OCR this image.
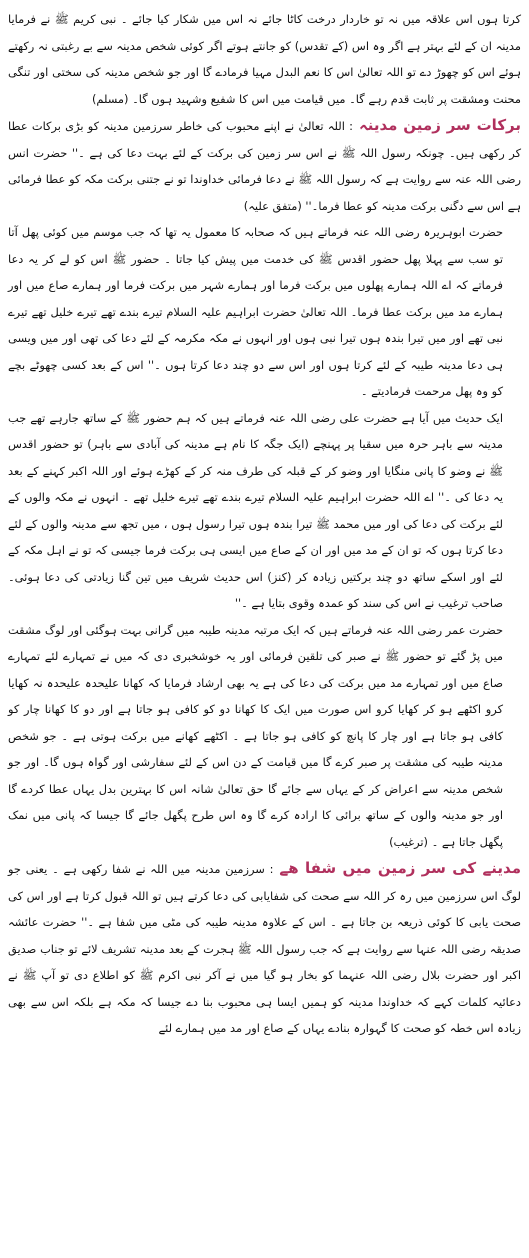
کرتا ہوں اس علاقہ میں نہ تو خاردار درخت کاٹا جائے نہ اس میں شکار کیا جائے ۔ نبی کریم ﷺ نے فرمایا مدینہ ان کے لئے بہتر ہے اگر وہ اس (کے تقدس) کو جانتے ہوتے اگر کوئی شخص مدینہ سے بے رغبتی نہ رکھتے ہوئے اس کو چھوڑ دے تو اللہ تعالیٰ اس کا نعم البدل مہیا فرمادے گا اور جو شخص مدینہ کی سختی اور تنگی محنت ومشقت پر ثابت قدم رہے گا۔ میں قیامت میں اس کا شفیع وشہید ہوں گا۔ (مسلم)

برکات سر زمین مدینہ: اللہ تعالیٰ نے اپنے محبوب کی خاطر سرزمین مدینہ کو بڑی برکات عطا کر رکھی ہیں۔ چونکہ رسول اللہ ﷺ نے اس سر زمین کی برکت کے لئے بہت دعا کی ہے ۔'' حضرت انس رضی اللہ عنہ سے روایت ہے کہ رسول اللہ ﷺ نے دعا فرمائی خداوندا تو نے جتنی برکت مکہ کو عطا فرمائی ہے اس سے دگنی برکت مدینہ کو عطا فرما۔'' (متفق علیہ)

حضرت ابوہریرہ رضی اللہ عنہ فرماتے ہیں کہ صحابہ کا معمول یہ تھا کہ جب موسم میں کوئی پھل آتا تو سب سے پہلا پھل حضور اقدس ﷺ کی خدمت میں پیش کیا جاتا ۔ حضور ﷺ اس کو لے کر یہ دعا فرماتے کہ اے اللہ ہمارے پھلوں میں برکت فرما اور ہمارے شہر میں برکت فرما اور ہمارے صاع میں اور ہمارے مد میں برکت عطا فرما۔ اللہ تعالیٰ حضرت ابراہیم علیہ السلام تیرے بندے تھے تیرے خلیل تھے تیرے نبی تھے اور میں تیرا بندہ ہوں تیرا نبی ہوں اور انہوں نے مکہ مکرمہ کے لئے دعا کی تھی اور میں ویسی ہی دعا مدینہ طیبہ کے لئے کرتا ہوں اور اس سے دو چند دعا کرتا ہوں ۔'' اس کے بعد کسی چھوٹے بچے کو وہ پھل مرحمت فرمادیتے ۔

ایک حدیث میں آیا ہے حضرت علی رضی اللہ عنہ فرماتے ہیں کہ ہم حضور ﷺ کے ساتھ جارہے تھے جب مدینہ سے باہر حرہ میں سقیا پر پہنچے (ایک جگہ کا نام ہے مدینہ کی آبادی سے باہر) تو حضور اقدس ﷺ نے وضو کا پانی منگایا اور وضو کر کے قبلہ کی طرف منہ کر کے کھڑے ہوئے اور اللہ اکبر کہنے کے بعد یہ دعا کی ۔'' اے اللہ حضرت ابراہیم علیہ السلام تیرے بندے تھے تیرے خلیل تھے ۔ انہوں نے مکہ والوں کے لئے برکت کی دعا کی اور میں محمد ﷺ تیرا بندہ ہوں تیرا رسول ہوں ، میں تجھ سے مدینہ والوں کے لئے دعا کرتا ہوں کہ تو ان کے مد میں اور ان کے صاع میں ایسی ہی برکت فرما جیسی کہ تو نے اہل مکہ کے لئے اور اسکے ساتھ دو چند برکتیں زیادہ کر (کنز) اس حدیث شریف میں تین گنا زیادتی کی دعا ہوئی۔ صاحب ترغیب نے اس کی سند کو عمدہ وقوی بتایا ہے ۔''

حضرت عمر رضی اللہ عنہ فرماتے ہیں کہ ایک مرتبہ مدینہ طیبہ میں گرانی بہت ہوگئی اور لوگ مشقت میں پڑ گئے تو حضور ﷺ نے صبر کی تلقین فرمائی اور یہ خوشخبری دی کہ میں نے تمہارے لئے تمہارے صاع میں اور تمہارے مد میں برکت کی دعا کی ہے یہ بھی ارشاد فرمایا کہ کھانا علیحدہ علیحدہ نہ کھایا کرو اکٹھے ہو کر کھایا کرو اس صورت میں ایک کا کھانا دو کو کافی ہو جاتا ہے اور دو کا کھانا چار کو کافی ہو جاتا ہے اور چار کا پانچ کو کافی ہو جاتا ہے ۔ اکٹھے کھانے میں برکت ہوتی ہے ۔ جو شخص مدینہ طیبہ کی مشقت پر صبر کرے گا میں قیامت کے دن اس کے لئے سفارشی اور گواہ ہوں گا۔ اور جو شخص مدینہ سے اعراض کر کے یہاں سے جائے گا حق تعالیٰ شانہ اس کا بہترین بدل یہاں عطا کردے گا اور جو مدینہ والوں کے ساتھ برائی کا ارادہ کرے گا وہ اس طرح پگھل جائے گا جیسا کہ پانی میں نمک پگھل جاتا ہے ۔ (ترغیب)

مدینے کی سر زمین میں شفا ھے: سرزمین مدینہ میں اللہ نے شفا رکھی ہے ۔ یعنی جو لوگ اس سرزمین میں رہ کر اللہ سے صحت کی شفایابی کی دعا کرتے ہیں تو اللہ قبول کرتا ہے اور اس کی صحت یابی کا کوئی ذریعہ بن جاتا ہے ۔ اس کے علاوہ مدینہ طیبہ کی مٹی میں شفا ہے ۔'' حضرت عائشہ صدیقہ رضی اللہ عنہا سے روایت ہے کہ جب رسول اللہ ﷺ ہجرت کے بعد مدینہ تشریف لائے تو جناب صدیق اکبر اور حضرت بلال رضی اللہ عنہما کو بخار ہو گیا میں نے آکر نبی اکرم ﷺ کو اطلاع دی تو آپ ﷺ نے دعائیہ کلمات کہے کہ خداوندا مدینہ کو ہمیں ایسا ہی محبوب بنا دے جیسا کہ مکہ ہے بلکہ اس سے بھی زیادہ اس خطہ کو صحت کا گہوارہ بنادے یہاں کے صاع اور مد میں ہمارے لئے
